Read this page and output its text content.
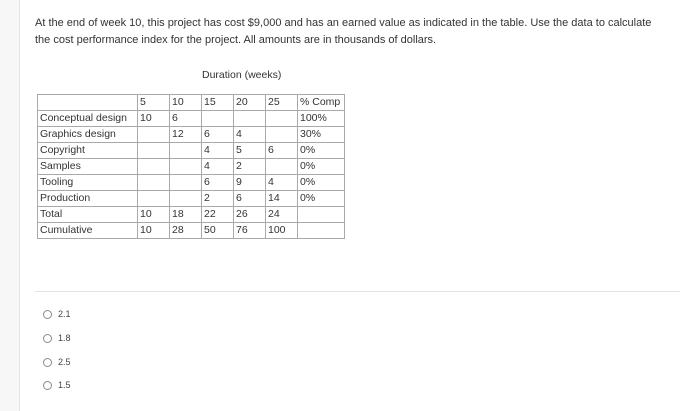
At the end of week 10, this project has cost $9,000 and has an earned value as indicated in the table. Use the data to calculate
the cost performance index for the project. All amounts are in thousands of dollars.
Duration (weeks)
	5	10	15	20	25	% Comp
Conceptual design	10	6				100%
Graphics design		12	6	4		30%
Copyright			4	5	6	0%
Samples			4	2		0%
Tooling			6	9	4	0%
Production			2	6	14	0%
Total	10	18	22	26	24	
Cumulative	10	28	50	76	100	
2.1
1.8
2.5
1.5
